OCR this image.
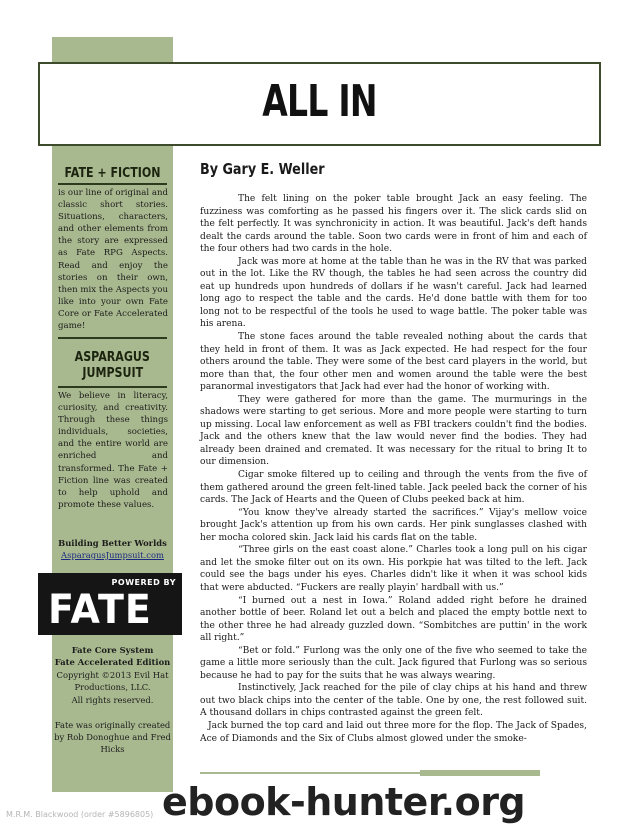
ALL IN
FATE + FICTION
is our line of original and classic short stories. Situations, characters, and other elements from the story are expressed as Fate RPG Aspects. Read and enjoy the stories on their own, then mix the Aspects you like into your own Fate Core or Fate Accelerated game!
ASPARAGUS
JUMPSUIT
We believe in literacy, curiosity, and creativity. Through these things individuals, societies, and the entire world are enriched and transformed. The Fate + Fiction line was created to help uphold and promote these values.
Building Better Worlds
AsparagusJumpsuit.com
POWERED BY
FATE
Fate Core System
Fate Accelerated Edition
Copyright ©2013 Evil Hat Productions, LLC.
All rights reserved.
Fate was originally created by Rob Donoghue and Fred Hicks
By Gary E. Weller

The felt lining on the poker table brought Jack an easy feeling. The fuzziness was comforting as he passed his fingers over it. The slick cards slid on the felt perfectly. It was synchronicity in action. It was beautiful. Jack's deft hands dealt the cards around the table. Soon two cards were in front of him and each of the four others had two cards in the hole.

Jack was more at home at the table than he was in the RV that was parked out in the lot. Like the RV though, the tables he had seen across the country did eat up hundreds upon hundreds of dollars if he wasn't careful. Jack had learned long ago to respect the table and the cards. He'd done battle with them for too long not to be respectful of the tools he used to wage battle. The poker table was his arena.

The stone faces around the table revealed nothing about the cards that they held in front of them. It was as Jack expected. He had respect for the four others around the table. They were some of the best card players in the world, but more than that, the four other men and women around the table were the best paranormal investigators that Jack had ever had the honor of working with.

They were gathered for more than the game. The murmurings in the shadows were starting to get serious. More and more people were starting to turn up missing. Local law enforcement as well as FBI trackers couldn't find the bodies. Jack and the others knew that the law would never find the bodies. They had already been drained and cremated. It was necessary for the ritual to bring It to our dimension.

Cigar smoke filtered up to ceiling and through the vents from the five of them gathered around the green felt-lined table. Jack peeled back the corner of his cards. The Jack of Hearts and the Queen of Clubs peeked back at him.

“You know they've already started the sacrifices.” Vijay's mellow voice brought Jack's attention up from his own cards. Her pink sunglasses clashed with her mocha colored skin. Jack laid his cards flat on the table.

“Three girls on the east coast alone.” Charles took a long pull on his cigar and let the smoke filter out on its own. His porkpie hat was tilted to the left. Jack could see the bags under his eyes. Charles didn't like it when it was school kids that were abducted. “Fuckers are really playin' hardball with us.”

“I burned out a nest in Iowa.” Roland added right before he drained another bottle of beer. Roland let out a belch and placed the empty bottle next to the other three he had already guzzled down. “Sombitches are puttin' in the work all right.”

“Bet or fold.” Furlong was the only one of the five who seemed to take the game a little more seriously than the cult. Jack figured that Furlong was so serious because he had to pay for the suits that he was always wearing.

Instinctively, Jack reached for the pile of clay chips at his hand and threw out two black chips into the center of the table. One by one, the rest followed suit. A thousand dollars in chips contrasted against the green felt.

Jack burned the top card and laid out three more for the flop. The Jack of Spades, Ace of Diamonds and the Six of Clubs almost glowed under the smoke-

ebook-hunter.org
M.R.M. Blackwood (order #5896805)
